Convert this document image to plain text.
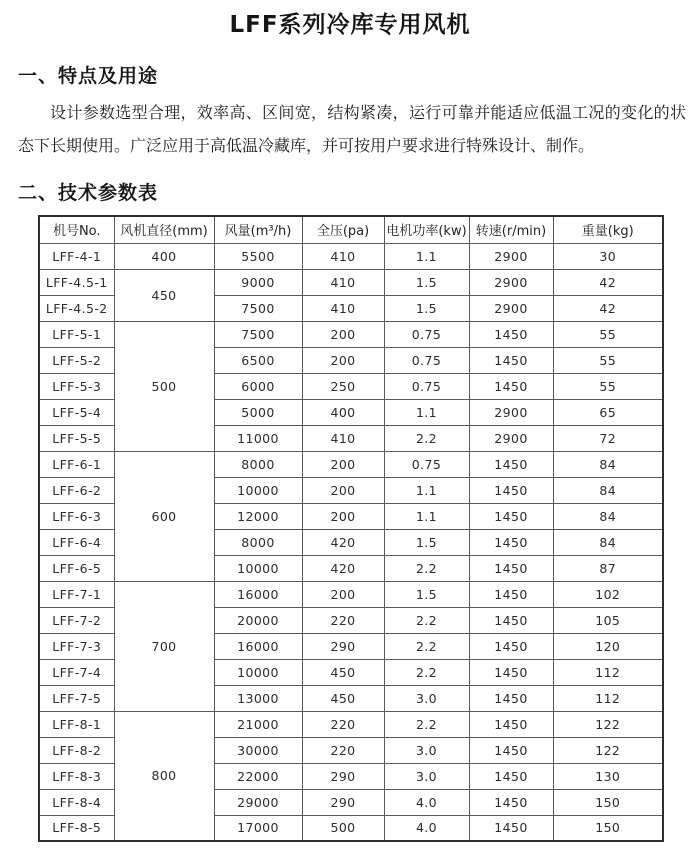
LFF系列冷库专用风机
一、特点及用途

设计参数选型合理，效率高、区间宽，结构紧凑，运行可靠并能适应低温工况的变化的状态下长期使用。广泛应用于高低温冷藏库，并可按用户要求进行特殊设计、制作。

二、技术参数表
机号No.	风机直径(mm)	风量(m³/h)	全压(pa)	电机功率(kw)	转速(r/min)	重量(kg)
LFF-4-1	400	5500	410	1.1	2900	30
LFF-4.5-1	450	9000	410	1.5	2900	42
LFF-4.5-2		7500	410	1.5	2900	42
LFF-5-1	500	7500	200	0.75	1450	55
LFF-5-2		6500	200	0.75	1450	55
LFF-5-3		6000	250	0.75	1450	55
LFF-5-4		5000	400	1.1	2900	65
LFF-5-5		11000	410	2.2	2900	72
LFF-6-1	600	8000	200	0.75	1450	84
LFF-6-2		10000	200	1.1	1450	84
LFF-6-3		12000	200	1.1	1450	84
LFF-6-4		8000	420	1.5	1450	84
LFF-6-5		10000	420	2.2	1450	87
LFF-7-1	700	16000	200	1.5	1450	102
LFF-7-2		20000	220	2.2	1450	105
LFF-7-3		16000	290	2.2	1450	120
LFF-7-4		10000	450	2.2	1450	112
LFF-7-5		13000	450	3.0	1450	112
LFF-8-1	800	21000	220	2.2	1450	122
LFF-8-2		30000	220	3.0	1450	122
LFF-8-3		22000	290	3.0	1450	130
LFF-8-4		29000	290	4.0	1450	150
LFF-8-5		17000	500	4.0	1450	150
